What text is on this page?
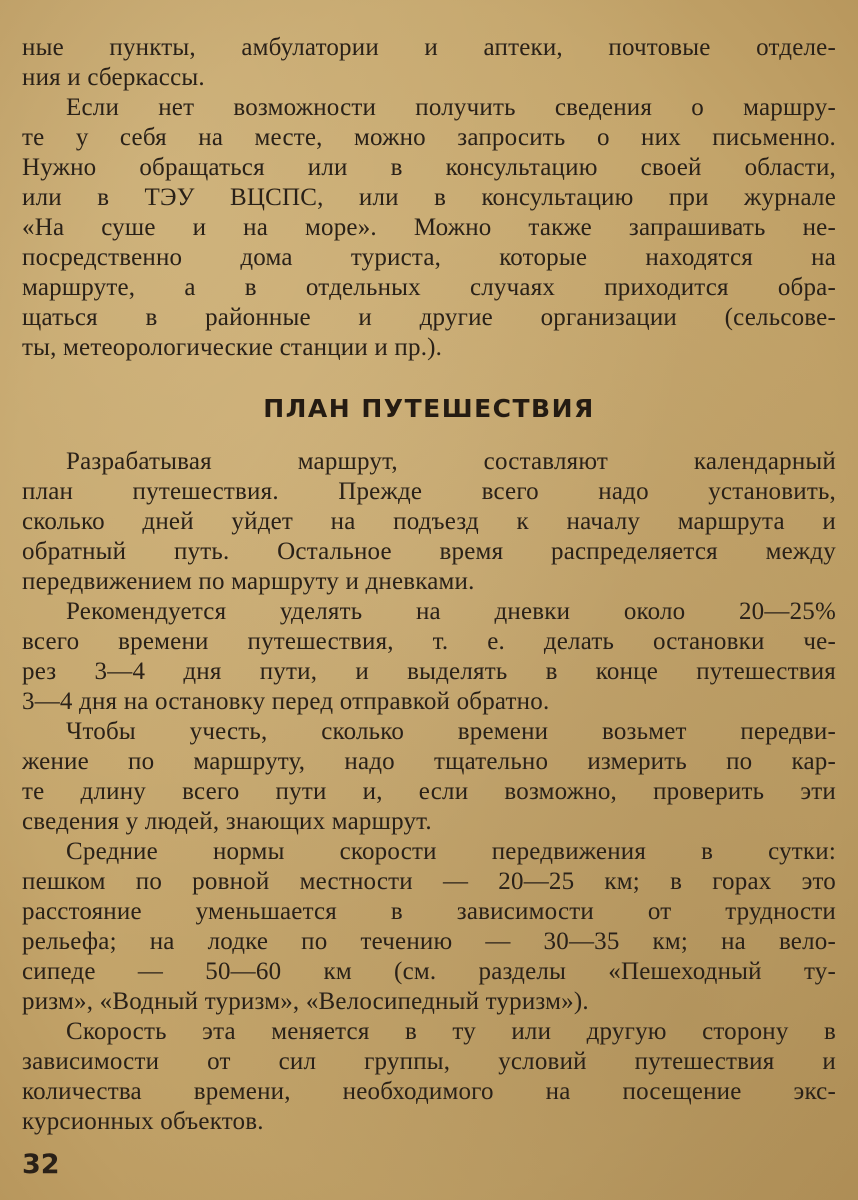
ные пункты, амбулатории и аптеки, почтовые отделе-
ния и сберкассы.
Если нет возможности получить сведения о маршру-
те у себя на месте, можно запросить о них письменно.
Нужно обращаться или в консультацию своей области,
или в ТЭУ ВЦСПС, или в консультацию при журнале
«На суше и на море». Можно также запрашивать не-
посредственно дома туриста, которые находятся на
маршруте, а в отдельных случаях приходится обра-
щаться в районные и другие организации (сельсове-
ты, метеорологические станции и пр.).
ПЛАН ПУТЕШЕСТВИЯ
Разрабатывая маршрут, составляют календарный
план путешествия. Прежде всего надо установить,
сколько дней уйдет на подъезд к началу маршрута и
обратный путь. Остальное время распределяется между
передвижением по маршруту и дневками.
Рекомендуется уделять на дневки около 20—25%
всего времени путешествия, т. е. делать остановки че-
рез 3—4 дня пути, и выделять в конце путешествия
3—4 дня на остановку перед отправкой обратно.
Чтобы учесть, сколько времени возьмет передви-
жение по маршруту, надо тщательно измерить по кар-
те длину всего пути и, если возможно, проверить эти
сведения у людей, знающих маршрут.
Средние нормы скорости передвижения в сутки:
пешком по ровной местности — 20—25 км; в горах это
расстояние уменьшается в зависимости от трудности
рельефа; на лодке по течению — 30—35 км; на вело-
сипеде — 50—60 км (см. разделы «Пешеходный ту-
ризм», «Водный туризм», «Велосипедный туризм»).
Скорость эта меняется в ту или другую сторону в
зависимости от сил группы, условий путешествия и
количества времени, необходимого на посещение экс-
курсионных объектов.
32
